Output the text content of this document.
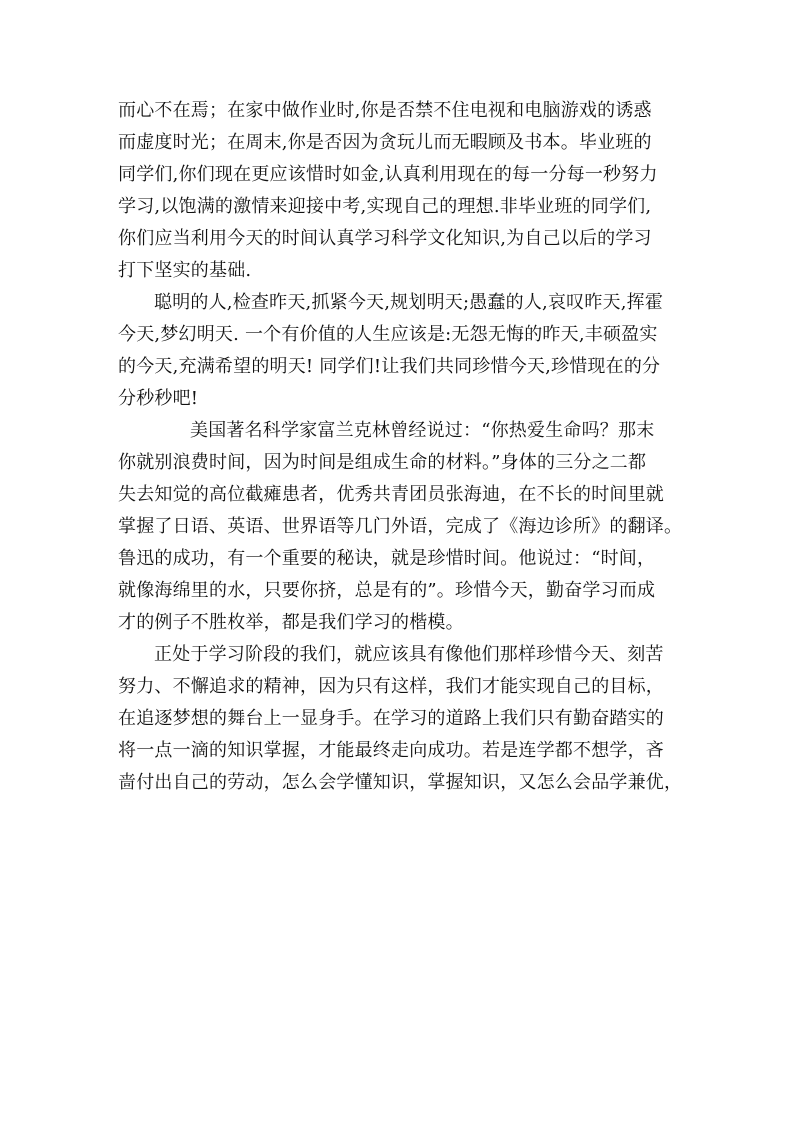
而心不在焉；在家中做作业时,你是否禁不住电视和电脑游戏的诱惑
而虚度时光；在周末,你是否因为贪玩儿而无暇顾及书本。毕业班的
同学们,你们现在更应该惜时如金,认真利用现在的每一分每一秒努力
学习,以饱满的激情来迎接中考,实现自己的理想.非毕业班的同学们,
你们应当利用今天的时间认真学习科学文化知识,为自己以后的学习
打下坚实的基础.
聪明的人,检查昨天,抓紧今天,规划明天;愚蠢的人,哀叹昨天,挥霍
今天,梦幻明天. 一个有价值的人生应该是:无怨无悔的昨天,丰硕盈实
的今天,充满希望的明天! 同学们!让我们共同珍惜今天,珍惜现在的分
分秒秒吧!
美国著名科学家富兰克林曾经说过：“你热爱生命吗？那末
你就别浪费时间，因为时间是组成生命的材料。”身体的三分之二都
失去知觉的高位截瘫患者，优秀共青团员张海迪，在不长的时间里就
掌握了日语、英语、世界语等几门外语，完成了《海边诊所》的翻译。
鲁迅的成功，有一个重要的秘诀，就是珍惜时间。他说过：“时间，
就像海绵里的水，只要你挤，总是有的”。珍惜今天，勤奋学习而成
才的例子不胜枚举，都是我们学习的楷模。
正处于学习阶段的我们，就应该具有像他们那样珍惜今天、刻苦
努力、不懈追求的精神，因为只有这样，我们才能实现自己的目标，
在追逐梦想的舞台上一显身手。在学习的道路上我们只有勤奋踏实的
将一点一滴的知识掌握，才能最终走向成功。若是连学都不想学，吝
啬付出自己的劳动，怎么会学懂知识，掌握知识，又怎么会品学兼优，
